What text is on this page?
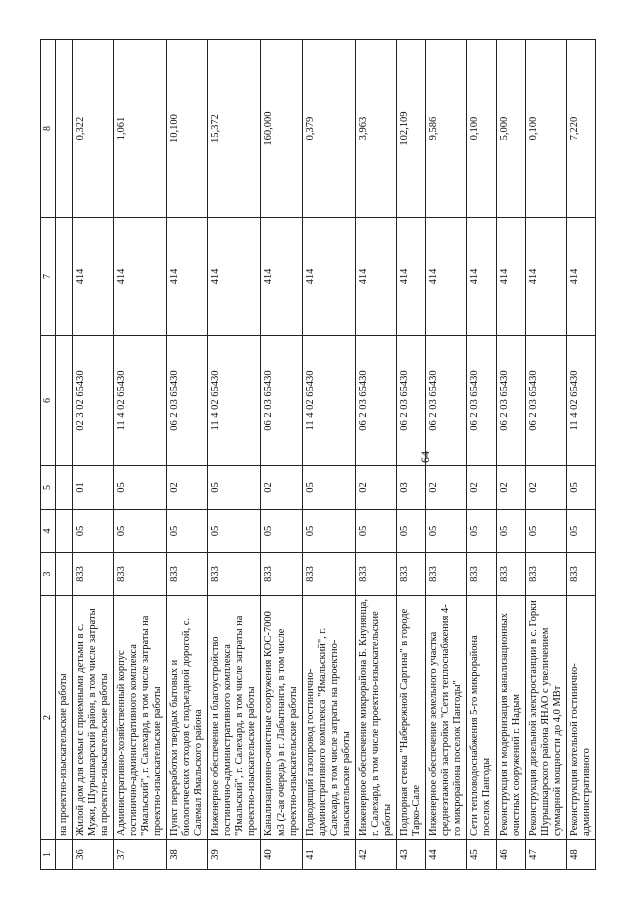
64
1	2	3	4	5	6	7	8
	на проектно-изыскательские работы						
36	Жилой дом для семьи с приемными детьми в с. Мужи, Шурышкарский район, в том числе затраты на проектно-изыскательские работы	833	05	01	02 3 02 65430	414	0,322
37	Административно-хозяйственный корпус гостинично-административного комплекса "Ямальский", г. Салехард, в том числе затраты на проектно-изыскательские работы	833	05	05	11 4 02 65430	414	1,061
38	Пункт переработки твердых бытовых и биологических отходов с подъездной дорогой, с. Салемал Ямальского района	833	05	02	06 2 03 65430	414	10,100
39	Инженерное обеспечение и благоустройство гостинично-административного комплекса "Ямальский", г. Салехард, в том числе затраты на проектно-изыскательские работы	833	05	05	11 4 02 65430	414	15,372
40	Канализационно-очистные сооружения КОС-7000 м3 (2-ая очередь) в г. Лабытнанги, в том числе проектно-изыскательские работы	833	05	02	06 2 03 65430	414	160,000
41	Подводящий газопровод гостинично-административного комплекса "Ямальский", г. Салехард, в том числе затраты на проектно-изыскательские работы	833	05	05	11 4 02 65430	414	0,379
42	Инженерное обеспечение микрорайона Б. Кнунянца, г. Салехард, в том числе проектно-изыскательские работы	833	05	02	06 2 03 65430	414	3,963
43	Подпорная стенка "Набережной Саргина" в городе Тарко-Сале	833	05	03	06 2 03 65430	414	102,109
44	Инженерное обеспечение земельного участка среднеэтажной застройки "Сети теплоснабжения 4-го микрорайона поселок Пангоды"	833	05	02	06 2 03 65430	414	9,586
45	Сети тепловодоснабжения 5-го микрорайона поселок Пангоды	833	05	02	06 2 03 65430	414	0,100
46	Реконструкция и модернизация канализационных очистных сооружений г. Надым	833	05	02	06 2 03 65430	414	5,000
47	Реконструкция дизельной электростанции в с. Горки Шурышкарского района ЯНАО с увеличением суммарной мощности до 4,0 МВт	833	05	02	06 2 03 65430	414	0,100
48	Реконструкция котельной гостинично-административного	833	05	05	11 4 02 65430	414	7,220
